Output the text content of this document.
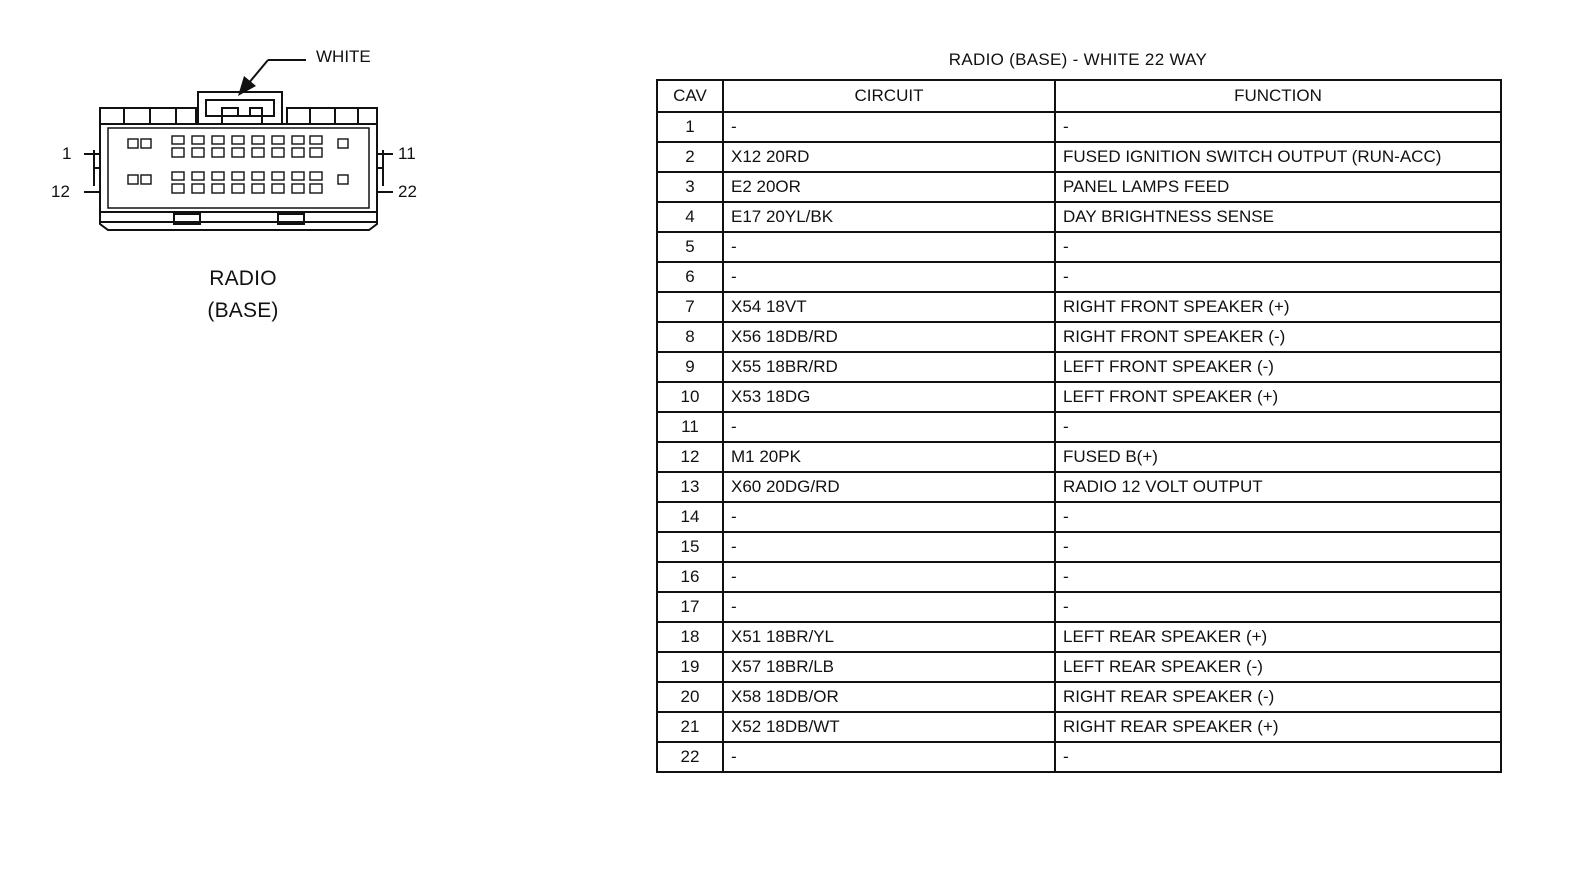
WHITE
1
12
11
22
RADIO
(BASE)
RADIO (BASE) - WHITE 22 WAY
CAV	CIRCUIT	FUNCTION
1	-	-
2	X12 20RD	FUSED IGNITION SWITCH OUTPUT (RUN-ACC)
3	E2 20OR	PANEL LAMPS FEED
4	E17 20YL/BK	DAY BRIGHTNESS SENSE
5	-	-
6	-	-
7	X54 18VT	RIGHT FRONT SPEAKER (+)
8	X56 18DB/RD	RIGHT FRONT SPEAKER (-)
9	X55 18BR/RD	LEFT FRONT SPEAKER (-)
10	X53 18DG	LEFT FRONT SPEAKER (+)
11	-	-
12	M1 20PK	FUSED B(+)
13	X60 20DG/RD	RADIO 12 VOLT OUTPUT
14	-	-
15	-	-
16	-	-
17	-	-
18	X51 18BR/YL	LEFT REAR SPEAKER (+)
19	X57 18BR/LB	LEFT REAR SPEAKER (-)
20	X58 18DB/OR	RIGHT REAR SPEAKER (-)
21	X52 18DB/WT	RIGHT REAR SPEAKER (+)
22	-	-
